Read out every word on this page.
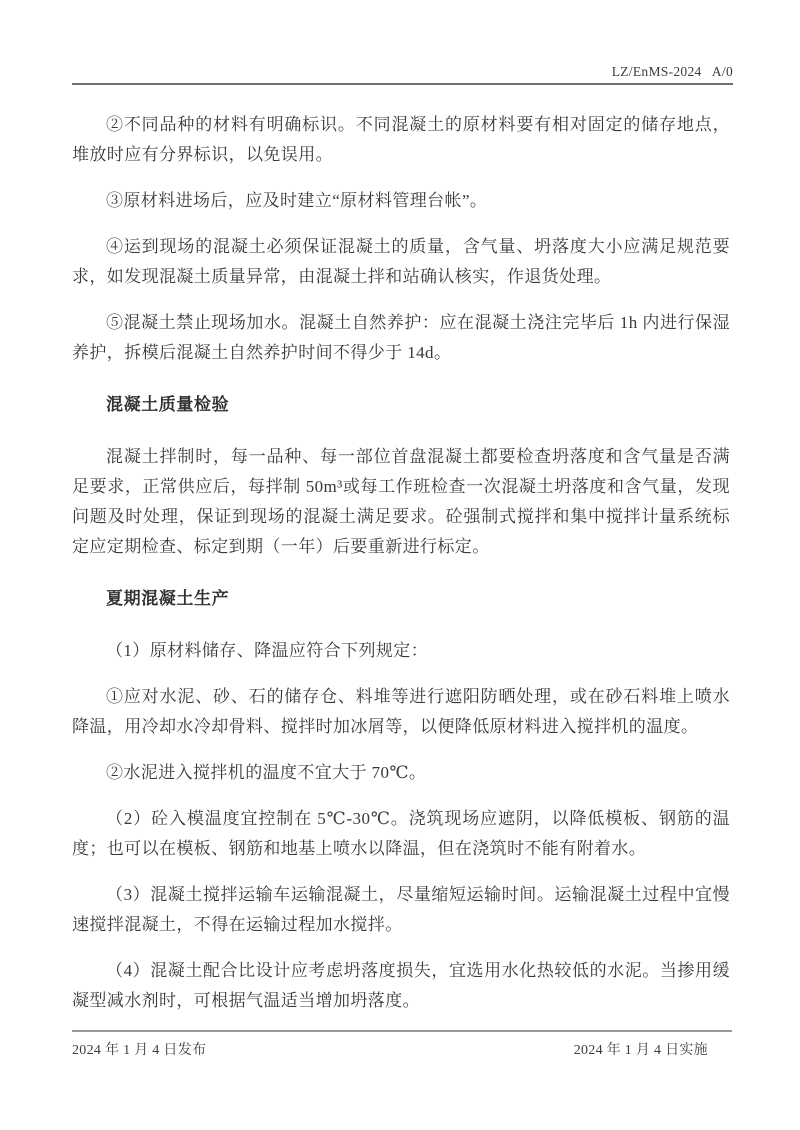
LZ/EnMS-2024   A/0

②不同品种的材料有明确标识。不同混凝土的原材料要有相对固定的储存地点，堆放时应有分界标识，以免误用。

③原材料进场后，应及时建立“原材料管理台帐”。

④运到现场的混凝土必须保证混凝土的质量，含气量、坍落度大小应满足规范要求，如发现混凝土质量异常，由混凝土拌和站确认核实，作退货处理。

⑤混凝土禁止现场加水。混凝土自然养护：应在混凝土浇注完毕后 1h 内进行保湿养护，拆模后混凝土自然养护时间不得少于 14d。

混凝土质量检验

混凝土拌制时，每一品种、每一部位首盘混凝土都要检查坍落度和含气量是否满足要求，正常供应后，每拌制 50m³或每工作班检查一次混凝土坍落度和含气量，发现问题及时处理，保证到现场的混凝土满足要求。砼强制式搅拌和集中搅拌计量系统标定应定期检查、标定到期（一年）后要重新进行标定。

夏期混凝土生产

（1）原材料储存、降温应符合下列规定：

①应对水泥、砂、石的储存仓、料堆等进行遮阳防晒处理，或在砂石料堆上喷水降温，用冷却水冷却骨料、搅拌时加冰屑等，以便降低原材料进入搅拌机的温度。

②水泥进入搅拌机的温度不宜大于 70℃。

（2）砼入模温度宜控制在 5℃-30℃。浇筑现场应遮阴，以降低模板、钢筋的温度；也可以在模板、钢筋和地基上喷水以降温，但在浇筑时不能有附着水。

（3）混凝土搅拌运输车运输混凝土，尽量缩短运输时间。运输混凝土过程中宜慢速搅拌混凝土，不得在运输过程加水搅拌。

（4）混凝土配合比设计应考虑坍落度损失，宜选用水化热较低的水泥。当掺用缓凝型减水剂时，可根据气温适当增加坍落度。

2024 年 1 月 4 日发布	2024 年 1 月 4 日实施
